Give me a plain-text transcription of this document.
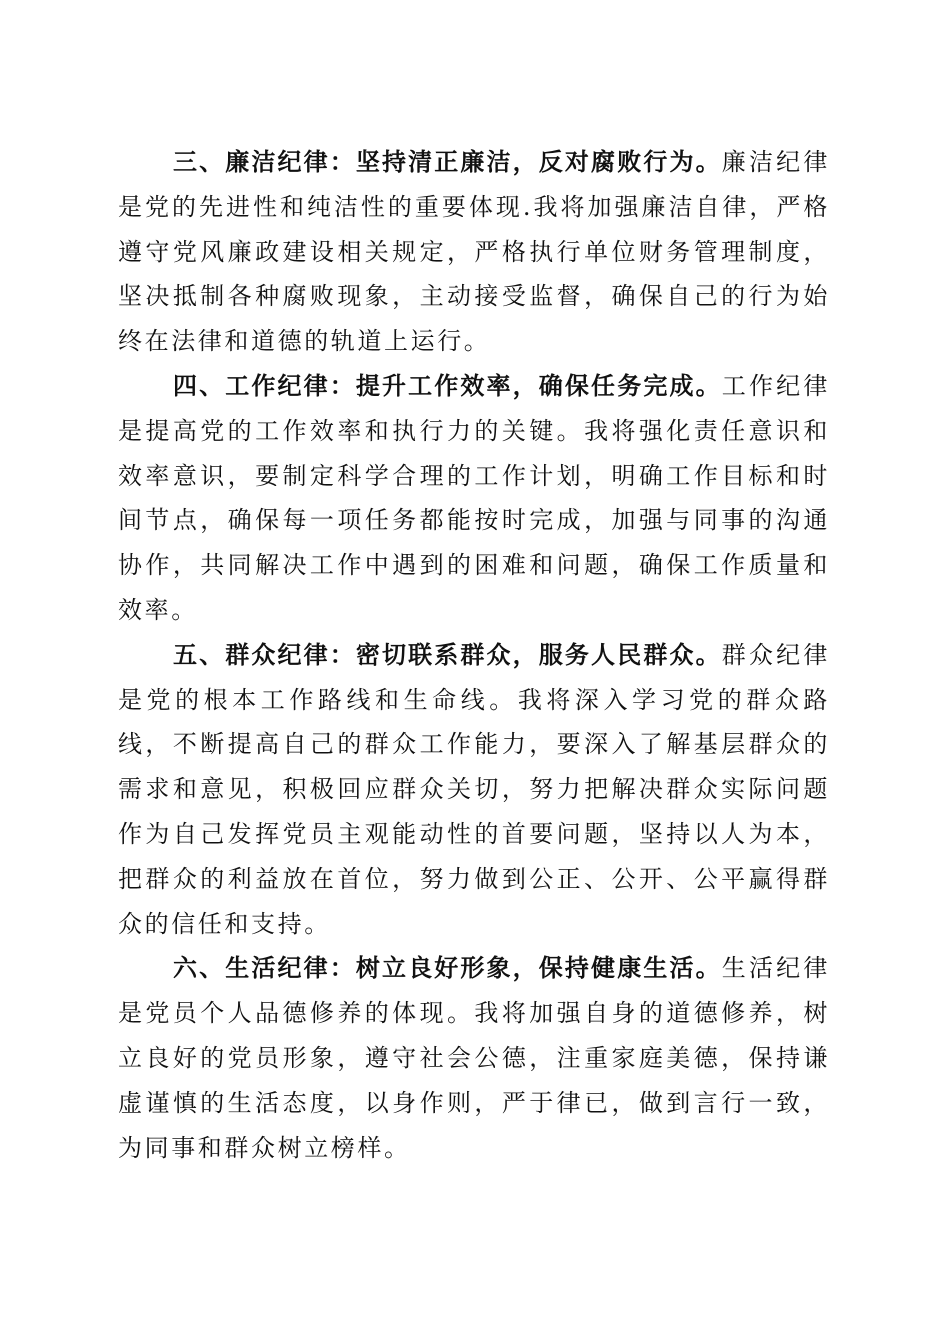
三、廉洁纪律：坚持清正廉洁，反对腐败行为。廉洁纪律是党的先进性和纯洁性的重要体现.我将加强廉洁自律，严格遵守党风廉政建设相关规定，严格执行单位财务管理制度，坚决抵制各种腐败现象，主动接受监督，确保自己的行为始终在法律和道德的轨道上运行。

四、工作纪律：提升工作效率，确保任务完成。工作纪律是提高党的工作效率和执行力的关键。我将强化责任意识和效率意识，要制定科学合理的工作计划，明确工作目标和时间节点，确保每一项任务都能按时完成，加强与同事的沟通协作，共同解决工作中遇到的困难和问题，确保工作质量和效率。

五、群众纪律：密切联系群众，服务人民群众。群众纪律是党的根本工作路线和生命线。我将深入学习党的群众路线，不断提高自己的群众工作能力，要深入了解基层群众的需求和意见，积极回应群众关切，努力把解决群众实际问题作为自己发挥党员主观能动性的首要问题，坚持以人为本，把群众的利益放在首位，努力做到公正、公开、公平赢得群众的信任和支持。

六、生活纪律：树立良好形象，保持健康生活。生活纪律是党员个人品德修养的体现。我将加强自身的道德修养，树立良好的党员形象，遵守社会公德，注重家庭美德，保持谦虚谨慎的生活态度，以身作则，严于律已，做到言行一致，为同事和群众树立榜样。
